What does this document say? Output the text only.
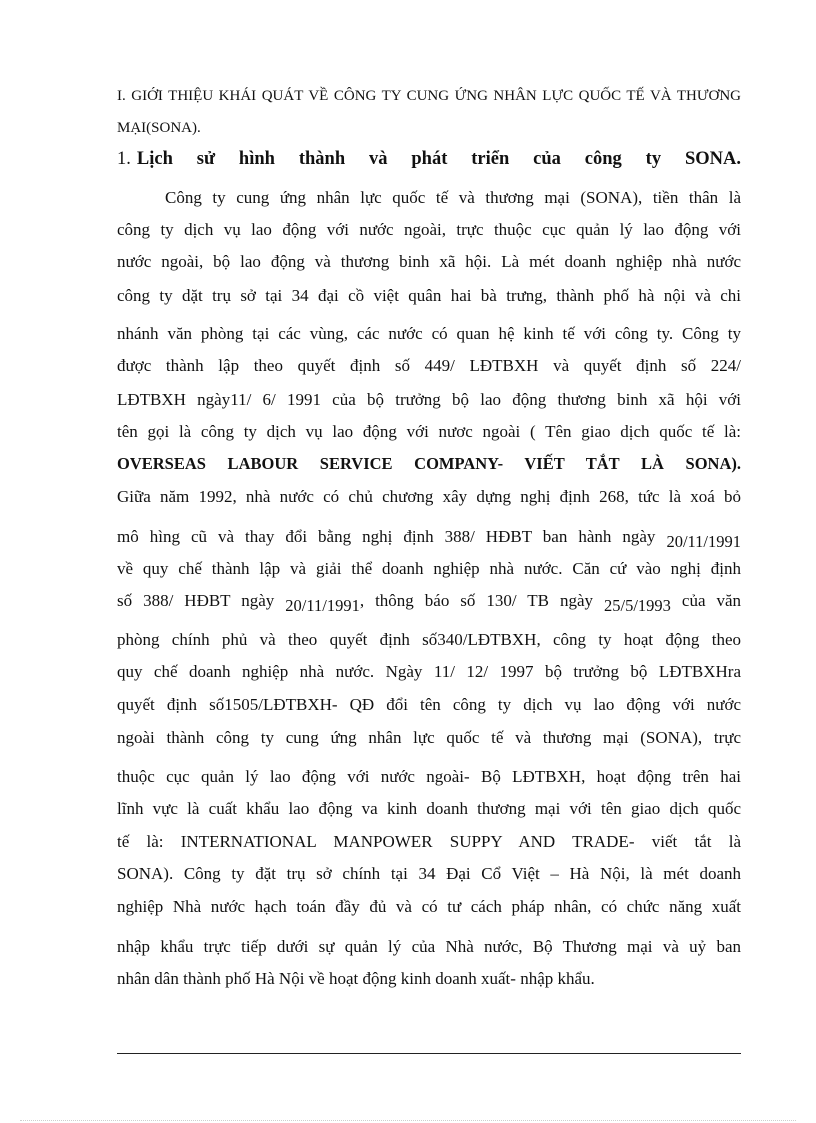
I. GIỚI THIỆU KHÁI QUÁT VỀ CÔNG TY CUNG ỨNG NHÂN LỰC QUỐC TẾ VÀ THƯƠNG MẠI(SONA).
1. Lịch sử hình thành và phát triển của công ty SONA.
Công ty cung ứng nhân lực quốc tế và thương mại (SONA), tiền thân là
công ty dịch vụ lao động với nước ngoài, trực thuộc cục quản lý lao động với
nước ngoài, bộ lao động và thương binh xã hội. Là mét doanh nghiệp nhà nước
công ty dặt trụ sở tại 34 đại cồ việt quân hai bà trưng, thành phố hà nội và chi
nhánh văn phòng tại các vùng, các nước có quan hệ kinh tế với công ty. Công ty
được thành lập theo quyết định số 449/ LĐTBXH và quyết định số 224/
LĐTBXH ngày11/ 6/ 1991 của bộ trưởng bộ lao động thương binh xã hội với
tên gọi là công ty dịch vụ lao động với nươc ngoài ( Tên giao dịch quốc tế là:
OVERSEAS LABOUR SERVICE COMPANY- VIẾT TẮT LÀ SONA).
Giữa năm 1992, nhà nước có chủ chương xây dựng nghị định 268, tức là xoá bỏ
mô hìng cũ và thay đổi bằng nghị định 388/ HĐBT ban hành ngày 20/11/1991
về quy chế thành lập và giải thể doanh nghiệp nhà nước. Căn cứ vào nghị định
số 388/ HĐBT ngày 20/11/1991, thông báo số 130/ TB ngày 25/5/1993 của văn
phòng chính phủ và theo quyết định số340/LĐTBXH, công ty hoạt động theo
quy chế doanh nghiệp nhà nước. Ngày 11/ 12/ 1997 bộ trưởng bộ LĐTBXHra
quyết định số1505/LĐTBXH- QĐ đổi tên công ty dịch vụ lao động với nước
ngoài thành công ty cung ứng nhân lực quốc tế và thương mại (SONA), trực
thuộc cục quản lý lao động với nước ngoài- Bộ LĐTBXH, hoạt động trên hai
lĩnh vực là cuất khẩu lao động va kinh doanh thương mại với tên giao dịch quốc
tế là: INTERNATIONAL MANPOWER SUPPY AND TRADE- viết tắt là
SONA). Công ty đặt trụ sở chính tại 34 Đại Cổ Việt – Hà Nội, là mét doanh
nghiệp Nhà nước hạch toán đầy đủ và có tư cách pháp nhân, có chức năng xuất
nhập khẩu trực tiếp dưới sự quản lý của Nhà nước, Bộ Thương mại và uỷ ban
nhân dân thành phố Hà Nội về hoạt động kinh doanh xuất- nhập khẩu.
